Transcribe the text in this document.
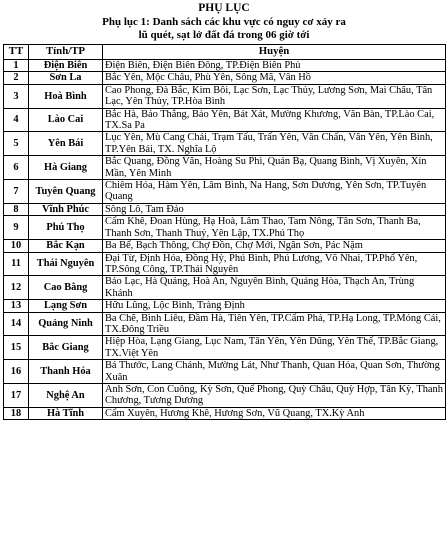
PHỤ LỤC

Phụ lục 1: Danh sách các khu vực có nguy cơ xảy ra
lũ quét, sạt lở đất đá trong 06 giờ tới

TT	Tỉnh/TP	Huyện
1	Điện Biên	Điện Biên, Điện Biên Đông, TP.Điện Biên Phủ
2	Sơn La	Bắc Yên, Mộc Châu, Phù Yên, Sông Mã, Vân Hồ
3	Hoà Bình	Cao Phong, Đà Bắc, Kim Bôi, Lạc Sơn, Lạc Thủy, Lương Sơn, Mai Châu, Tân Lạc, Yên Thủy, TP.Hòa Bình
4	Lào Cai	Bắc Hà, Bảo Thắng, Bảo Yên, Bát Xát, Mường Khương, Văn Bàn, TP.Lào Cai, TX.Sa Pa
5	Yên Bái	Lục Yên, Mù Cang Chải, Trạm Tấu, Trấn Yên, Văn Chấn, Văn Yên, Yên Bình, TP.Yên Bái, TX. Nghĩa Lộ
6	Hà Giang	Bắc Quang, Đồng Văn, Hoàng Su Phì, Quản Bạ, Quang Bình, Vị Xuyên, Xín Mần, Yên Minh
7	Tuyên Quang	Chiêm Hóa, Hàm Yên, Lâm Bình, Na Hang, Sơn Dương, Yên Sơn, TP.Tuyên Quang
8	Vĩnh Phúc	Sông Lô, Tam Đảo
9	Phú Thọ	Cẩm Khê, Đoan Hùng, Hạ Hoà, Lâm Thao, Tam Nông, Tân Sơn, Thanh Ba, Thanh Sơn, Thanh Thuỷ, Yên Lập, TX.Phú Thọ
10	Bắc Kạn	Ba Bể, Bạch Thông, Chợ Đồn, Chợ Mới, Ngân Sơn, Pác Nặm
11	Thái Nguyên	Đại Từ, Định Hóa, Đồng Hỷ, Phú Bình, Phú Lương, Võ Nhai, TP.Phổ Yên, TP.Sông Công, TP.Thái Nguyên
12	Cao Bằng	Bảo Lạc, Hà Quảng, Hoà An, Nguyên Bình, Quảng Hòa, Thạch An, Trùng Khánh
13	Lạng Sơn	Hữu Lũng, Lộc Bình, Tràng Định
14	Quảng Ninh	Ba Chẽ, Bình Liêu, Đầm Hà, Tiên Yên, TP.Cẩm Phả, TP.Hạ Long, TP.Móng Cái, TX.Đông Triều
15	Bắc Giang	Hiệp Hòa, Lạng Giang, Lục Nam, Tân Yên, Yên Dũng, Yên Thế, TP.Bắc Giang, TX.Việt Yên
16	Thanh Hóa	Bá Thước, Lang Chánh, Mường Lát, Như Thanh, Quan Hóa, Quan Sơn, Thường Xuân
17	Nghệ An	Anh Sơn, Con Cuông, Kỳ Sơn, Quế Phong, Quỳ Châu, Quỳ Hợp, Tân Kỳ, Thanh Chương, Tương Dương
18	Hà Tĩnh	Cẩm Xuyên, Hương Khê, Hương Sơn, Vũ Quang, TX.Kỳ Anh
